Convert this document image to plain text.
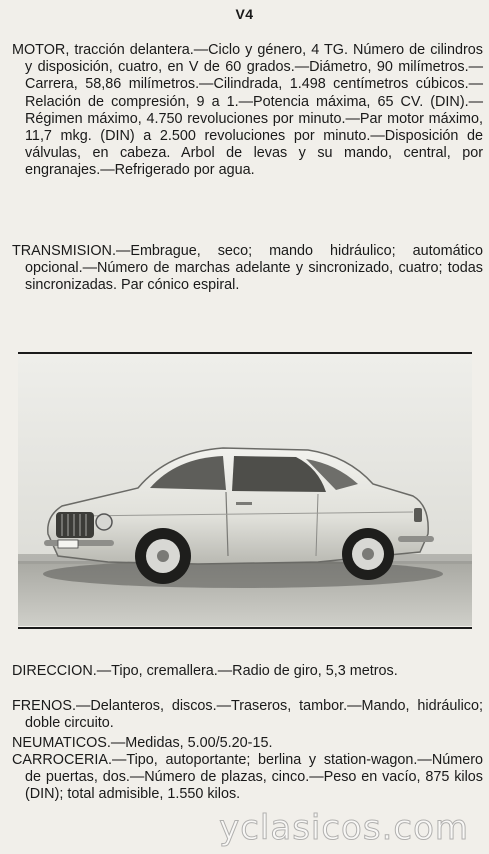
V4

MOTOR, tracción delantera.—Ciclo y género, 4 TG. Número de cilindros y disposición, cuatro, en V de 60 grados.—Diámetro, 90 milímetros.—Carrera, 58,86 milímetros.—Cilindrada, 1.498 centímetros cúbicos.—Relación de compresión, 9 a 1.—Potencia máxima, 65 CV. (DIN).—Régimen máximo, 4.750 revoluciones por minuto.—Par motor máximo, 11,7 mkg. (DIN) a 2.500 revoluciones por minuto.—Disposición de válvulas, en cabeza. Arbol de levas y su mando, central, por engranajes.—Refrigerado por agua.

TRANSMISION.—Embrague, seco; mando hidráulico; automático opcional.—Número de marchas adelante y sincronizado, cuatro; todas sincronizadas. Par cónico espiral.

DIRECCION.—Tipo, cremallera.—Radio de giro, 5,3 metros.

FRENOS.—Delanteros, discos.—Traseros, tambor.—Mando, hidráulico; doble circuito.

NEUMATICOS.—Medidas, 5.00/5.20-15.

CARROCERIA.—Tipo, autoportante; berlina y station-wagon.—Número de puertas, dos.—Número de plazas, cinco.—Peso en vacío, 875 kilos (DIN); total admisible, 1.550 kilos.

yclasicos.com
